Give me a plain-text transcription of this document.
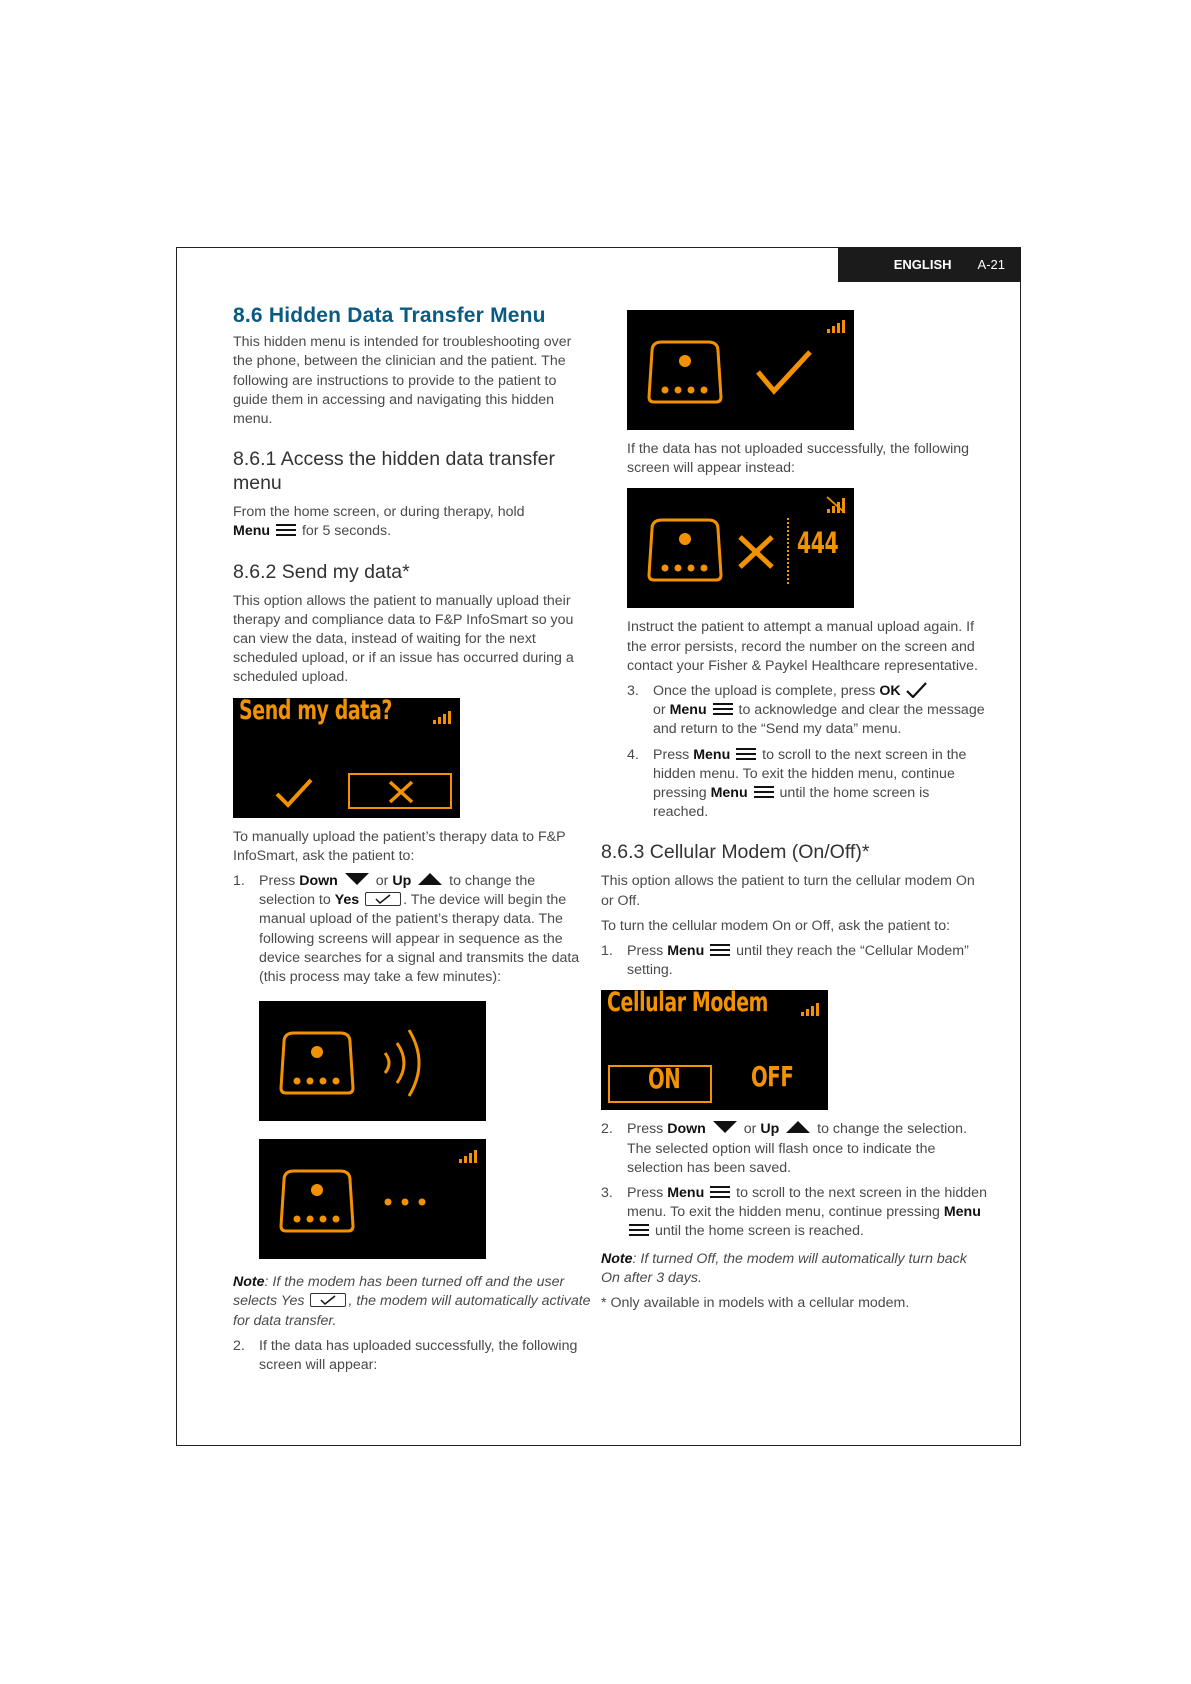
ENGLISH A-21
8.6 Hidden Data Transfer Menu

This hidden menu is intended for troubleshooting over the phone, between the clinician and the patient. The following are instructions to provide to the patient to guide them in accessing and navigating this hidden menu.

8.6.1 Access the hidden data transfer menu

From the home screen, or during therapy, hold
Menu for 5 seconds.

8.6.2 Send my data*

This option allows the patient to manually upload their therapy and compliance data to F&P InfoSmart so you can view the data, instead of waiting for the next scheduled upload, or if an issue has occurred during a scheduled upload.

Send my data?

To manually upload the patient’s therapy data to F&P InfoSmart, ask the patient to:

1. Press Down	or Up	to change the selection to Yes	. The device will begin the manual upload of the patient’s therapy data. The following screens will appear in sequence as the device searches for a signal and transmits the data (this process may take a few minutes):

Note: If the modem has been turned off and the user selects Yes	, the modem will automatically activate for data transfer.

2. If the data has uploaded successfully, the following screen will appear:

If the data has not uploaded successfully, the following screen will appear instead:

444

Instruct the patient to attempt a manual upload again. If the error persists, record the number on the screen and contact your Fisher & Paykel Healthcare representative.

3. Once the upload is complete, press OK
or Menu to acknowledge and clear the message and return to the “Send my data” menu.
4. Press Menu to scroll to the next screen in the hidden menu. To exit the hidden menu, continue pressing Menu until the home screen is reached.
8.6.3 Cellular Modem (On/Off)*

This option allows the patient to turn the cellular modem On or Off.

To turn the cellular modem On or Off, ask the patient to:

1. Press Menu until they reach the “Cellular Modem” setting.
Cellular Modem
ON	OFF
2. Press Down	or Up	to change the selection. The selected option will flash once to indicate the selection has been saved.
3. Press Menu to scroll to the next screen in the hidden menu. To exit the hidden menu, continue pressing Menu  until the home screen is reached.

Note: If turned Off, the modem will automatically turn back On after 3 days.

* Only available in models with a cellular modem.
